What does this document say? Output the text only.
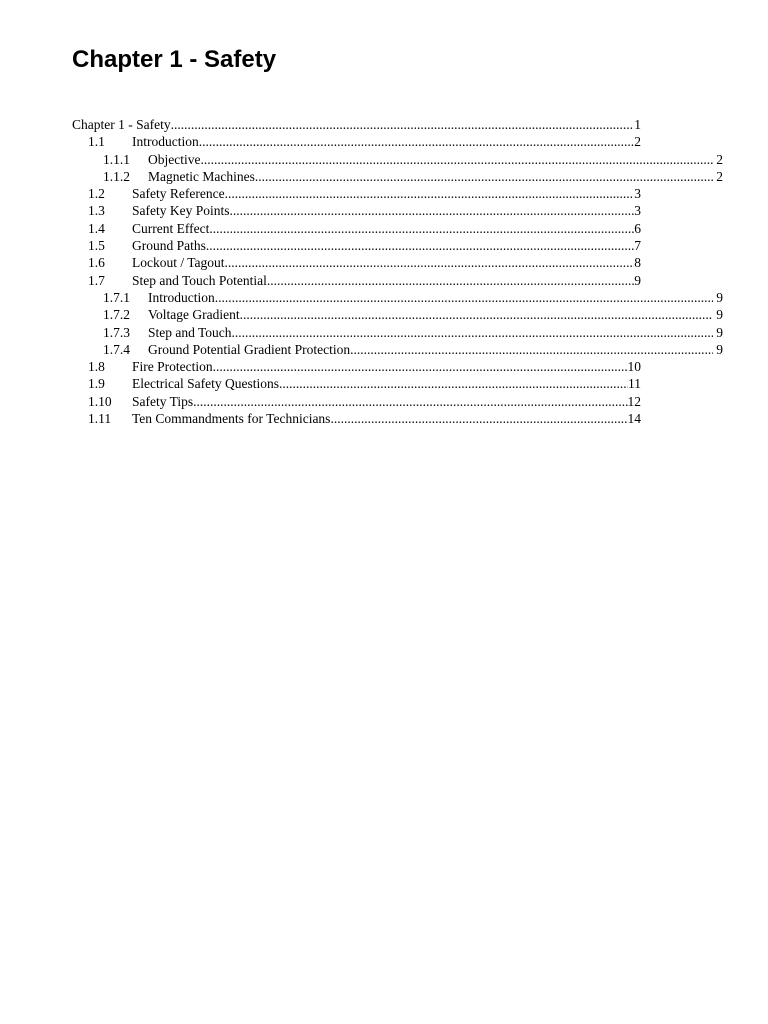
Chapter 1 - Safety
Chapter 1 - Safety .....	1
1.1	Introduction .....	2
1.1.1	Objective .....	2
1.1.2	Magnetic Machines .....	2
1.2	Safety Reference .....	3
1.3	Safety Key Points .....	3
1.4	Current Effect .....	6
1.5	Ground Paths .....	7
1.6	Lockout / Tagout .....	8
1.7	Step and Touch Potential .....	9
1.7.1	Introduction .....	9
1.7.2	Voltage Gradient .....	9
1.7.3	Step and Touch .....	9
1.7.4	Ground Potential Gradient Protection .....	9
1.8	Fire Protection .....	10
1.9	Electrical Safety Questions .....	11
1.10	Safety Tips .....	12
1.11	Ten Commandments for Technicians .....	14
